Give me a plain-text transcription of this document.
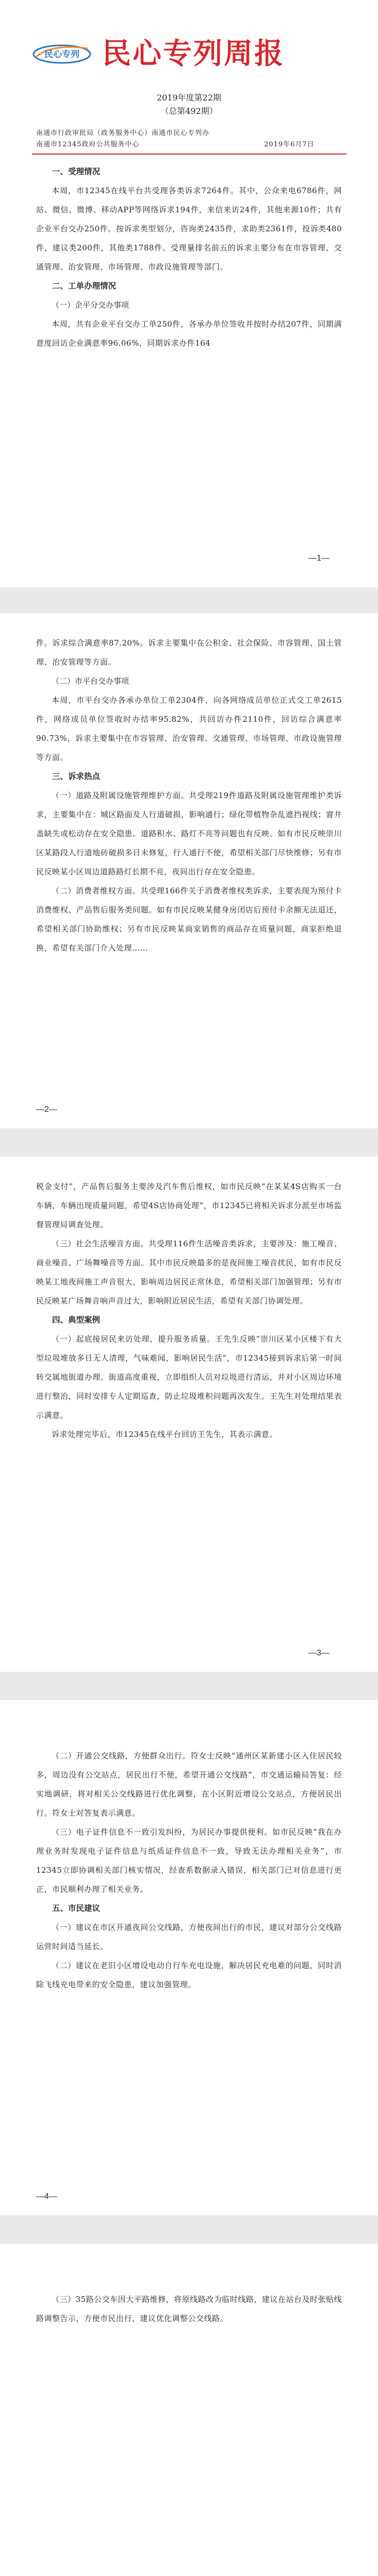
民心专列 民心专列周报
2019年度第22期
（总第492期）
南通市行政审批局（政务服务中心）南通市民心专列办
南通市12345政府公共服务中心	2019年6月7日

一、受理情况

本周，市12345在线平台共受理各类诉求7264件。其中，公众来电6786件，网站、微信、微博、移动APP等网络诉求194件，来信来访24件，其他来源10件；共有企业平台交办250件。按诉求类型划分，咨询类2435件，求助类2361件，投诉类480件，建议类200件，其他类1788件。受理量排名前五的诉求主要分布在市容管理、交通管理、治安管理、市场管理、市政设施管理等部门。

二、工单办理情况

（一）企平分交办事项

本周，共有企业平台交办工单250件，各承办单位签收并按时办结207件，同期满意度回访企业满意率96.06%，同期诉求办件164

—1—

件。诉求综合满意率87.20%。诉求主要集中在公积金、社会保险、市容管理、国土管理、治安管理等方面。

（二）市平台交办事项

本周，市平台交办各承办单位工单2304件，向各网络成员单位正式交工单2615件，网络成员单位签收时办结率95.82%，共回访办件2110件，回访综合满意率90.73%，诉求主要集中在市容管理、治安管理、交通管理、市场管理、市政设施管理等方面。

三、诉求热点

（一）道路及附属设施管理维护方面。共受理219件道路及附属设施管理维护类诉求，主要集中在：城区路面及人行道破损，影响通行；绿化带植物杂乱遮挡视线；窨井盖缺失或松动存在安全隐患。道路积水、路灯不亮等问题也有反映。如有市民反映崇川区某路段人行道地砖破损多日未修复，行人通行不便，希望相关部门尽快维修；另有市民反映某小区周边道路路灯长期不亮，夜间出行存在安全隐患。

（二）消费者维权方面。共受理166件关于消费者维权类诉求，主要表现为预付卡消费维权、产品售后服务类问题。如有市民反映某健身房闭店后预付卡余额无法退还，希望相关部门协助维权；另有市民反映某商家销售的商品存在质量问题，商家拒绝退换，希望有关部门介入处理……

—2—

税金支付”，产品售后服务主要涉及汽车售后维权，如市民反映“在某某4S店购买一台车辆，车辆出现质量问题，希望4S店协商处理”，市12345已将相关诉求分派至市场监督管理局调查处理。

（三）社会生活噪音方面。共受理116件生活噪音类诉求，主要涉及：施工噪音、商业噪音、广场舞噪音等方面。其中市民反映最多的是夜间施工噪音扰民，如有市民反映某工地夜间施工声音很大，影响周边居民正常休息，希望相关部门加强管理；另有市民反映某广场舞音响声音过大，影响附近居民生活，希望有关部门协调处理。

四、典型案例

（一）起底接居民来访处理，提升服务质量。王先生反映“崇川区某小区楼下有大型垃圾堆放多日无人清理，气味难闻，影响居民生活”，市12345接到诉求后第一时间转交属地街道办理。街道高度重视，立即组织人员对垃圾进行清运，并对小区周边环境进行整治，同时安排专人定期巡查，防止垃圾堆积问题再次发生。王先生对处理结果表示满意。

诉求处理完毕后，市12345在线平台回访王先生，其表示满意。

—3—

（二）开通公交线路，方便群众出行。符女士反映“通州区某新建小区入住居民较多，周边没有公交站点，居民出行不便，希望开通公交线路”，市交通运输局答复：经实地调研，将对相关公交线路进行优化调整，在小区附近增设公交站点，方便居民出行。符女士对答复表示满意。

（三）电子证件信息不一致引发纠纷，为居民办事提供便利。如市民反映“我在办理业务时发现电子证件信息与纸质证件信息不一致，导致无法办理相关业务”，市12345立即协调相关部门核实情况，经查系数据录入错误，相关部门已对信息进行更正，市民顺利办理了相关业务。

五、市民建议

（一）建议在市区开通夜间公交线路，方便夜间出行的市民，建议对部分公交线路运营时间适当延长。

（二）建议在老旧小区增设电动自行车充电设施，解决居民充电难的问题，同时消除飞线充电带来的安全隐患，建议加强管理。

—4—

（三）35路公交车因大平路维修，将原线路改为临时线路，建议在站台及时张贴线路调整告示，方便市民出行，建议优化调整公交线路。
